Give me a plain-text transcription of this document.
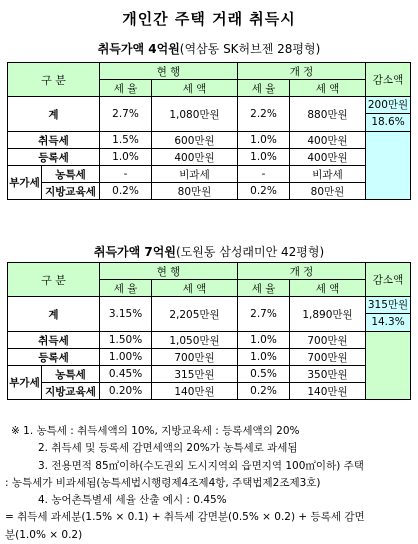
개인간 주택 거래 취득시
취득가액 4억원(역삼동 SK허브젠 28평형)
구 분		현 행		개 정		감소액
		세 율	세 액	세 율	세 액	
계		2.7%	1,080만원	2.2%	880만원	200만원
18.6%

취득세		1.5%	600만원	1.0%	400만원	
등록세		1.0%	400만원	1.0%	400만원	
부가세	농특세	-	비과세	-	비과세	
	지방교육세	0.2%	80만원	0.2%	80만원	
취득가액 7억원(도원동 삼성래미안 42평형)
구 분		현 행		개 정		감소액
		세 율	세 액	세 율	세 액	
계		3.15%	2,205만원	2.7%	1,890만원	315만원
14.3%

취득세		1.50%	1,050만원	1.0%	700만원	
등록세		1.00%	700만원	1.0%	700만원	
부가세	농특세	0.45%	315만원	0.5%	350만원	
	지방교육세	0.20%	140만원	0.2%	140만원	
※ 1. 농특세 : 취득세액의 10%, 지방교육세 : 등록세액의 20%
2. 취득세 및 등록세 감면세액의 20%가 농특세로 과세됨
3. 전용면적 85㎡이하(수도권외 도시지역외 읍면지역 100㎡이하) 주택
: 농특세가 비과세됨(농특세법시행령제4조제4항, 주택법제2조제3호)
4. 농어촌특별세 세율 산출 예시 : 0.45%
= 취득세 과세분(1.5% × 0.1) + 취득세 감면분(0.5% × 0.2) + 등록세 감면
분(1.0% × 0.2)
